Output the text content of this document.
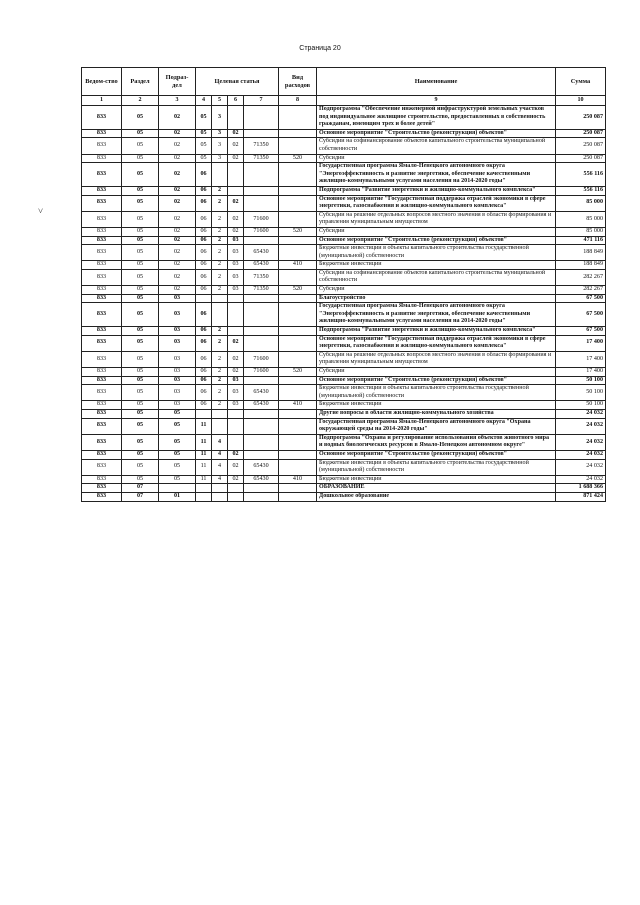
Страница 20
˅
Ведом-ство	Раздел	Подраз-дел	Целевая статья				Вид расходов	Наименование	Сумма
1	2	3	4	5	6	7	8	9	10
833	05	02	05	3				Подпрограмма "Обеспечение инженерной инфраструктурой земельных участков под индивидуальное жилищное строительство, предоставленных в собственность гражданам, имеющим трех и более детей"	250 087
833	05	02	05	3	02			Основное мероприятие "Строительство (реконструкция) объектов"	250 087
833	05	02	05	3	02	71350		Субсидии на софинансирование объектов капитального строительства муниципальной собственности	250 087
833	05	02	05	3	02	71350	520	Субсидии	250 087
833	05	02	06					Государственная программа Ямало-Ненецкого автономного округа "Энергоэффективность и развитие энергетики, обеспечение качественными жилищно-коммунальными услугами населения на 2014-2020 годы"	556 116
833	05	02	06	2				Подпрограмма "Развитие энергетики и жилищно-коммунального комплекса"	556 116
833	05	02	06	2	02			Основное мероприятие "Государственная поддержка отраслей экономики в сфере энергетики, газоснабжения и жилищно-коммунального комплекса"	85 000
833	05	02	06	2	02	71600		Субсидии на решение отдельных вопросов местного значения в области формирования и управления муниципальным имуществом	85 000
833	05	02	06	2	02	71600	520	Субсидии	85 000
833	05	02	06	2	03			Основное мероприятие "Строительство (реконструкция) объектов"	471 116
833	05	02	06	2	03	65430		Бюджетные инвестиции в объекты капитального строительства государственной (муниципальной) собственности	188 849
833	05	02	06	2	03	65430	410	Бюджетные инвестиции	188 849
833	05	02	06	2	03	71350		Субсидии на софинансирование объектов капитального строительства муниципальной собственности	282 267
833	05	02	06	2	03	71350	520	Субсидии	282 267
833	05	03						Благоустройство	67 500
833	05	03	06					Государственная программа Ямало-Ненецкого автономного округа "Энергоэффективность и развитие энергетики, обеспечение качественными жилищно-коммунальными услугами населения на 2014-2020 годы"	67 500
833	05	03	06	2				Подпрограмма "Развитие энергетики и жилищно-коммунального комплекса"	67 500
833	05	03	06	2	02			Основное мероприятие "Государственная поддержка отраслей экономики в сфере энергетики, газоснабжения и жилищно-коммунального комплекса"	17 400
833	05	03	06	2	02	71600		Субсидии на решение отдельных вопросов местного значения в области формирования и управления муниципальным имуществом	17 400
833	05	03	06	2	02	71600	520	Субсидии	17 400
833	05	03	06	2	03			Основное мероприятие "Строительство (реконструкция) объектов"	50 100
833	05	03	06	2	03	65430		Бюджетные инвестиции в объекты капитального строительства государственной (муниципальной) собственности	50 100
833	05	03	06	2	03	65430	410	Бюджетные инвестиции	50 100
833	05	05						Другие вопросы в области жилищно-коммунального хозяйства	24 032
833	05	05	11					Государственная программа Ямало-Ненецкого автономного округа "Охрана окружающей среды на 2014-2020 годы"	24 032
833	05	05	11	4				Подпрограмма "Охрана и регулирование использования объектов животного мира и водных биологических ресурсов в Ямало-Ненецком автономном округе"	24 032
833	05	05	11	4	02			Основное мероприятие "Строительство (реконструкция) объектов"	24 032
833	05	05	11	4	02	65430		Бюджетные инвестиции в объекты капитального строительства государственной (муниципальной) собственности	24 032
833	05	05	11	4	02	65430	410	Бюджетные инвестиции	24 032
833	07							ОБРАЗОВАНИЕ	1 688 366
833	07	01						Дошкольное образование	871 424
